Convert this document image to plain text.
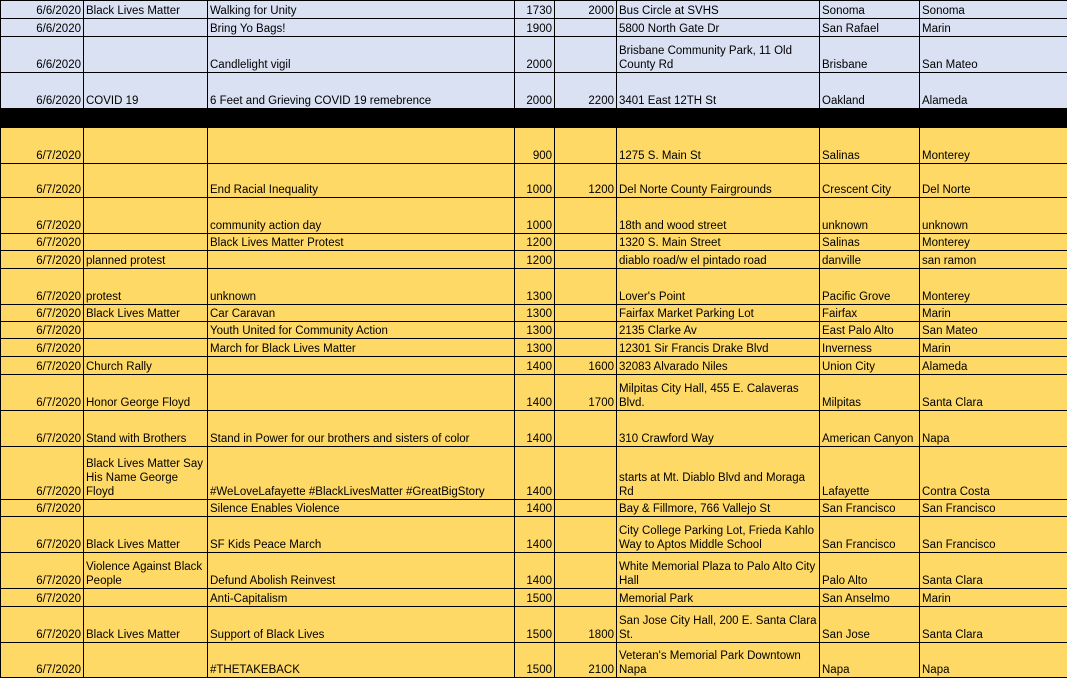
6/6/2020	Black Lives Matter	Walking for Unity	1730	2000	Bus Circle at SVHS	Sonoma	Sonoma
6/6/2020		Bring Yo Bags!	1900		5800 North Gate Dr	San Rafael	Marin
6/6/2020		Candlelight vigil	2000		Brisbane Community Park, 11 Old County Rd	Brisbane	San Mateo
6/6/2020	COVID 19	6 Feet and Grieving COVID 19 remebrence	2000	2200	3401 East 12TH St	Oakland	Alameda

6/7/2020			900		1275 S. Main St	Salinas	Monterey
6/7/2020		End Racial Inequality	1000	1200	Del Norte County Fairgrounds	Crescent City	Del Norte
6/7/2020		community action day	1000		18th and wood street	unknown	unknown
6/7/2020		Black Lives Matter Protest	1200		1320 S. Main Street	Salinas	Monterey
6/7/2020	planned protest		1200		diablo road/w el pintado road	danville	san ramon
6/7/2020	protest	unknown	1300		Lover's Point	Pacific Grove	Monterey
6/7/2020	Black Lives Matter	Car Caravan	1300		Fairfax Market Parking Lot	Fairfax	Marin
6/7/2020		Youth United for Community Action	1300		2135 Clarke Av	East Palo Alto	San Mateo
6/7/2020		March for Black Lives Matter	1300		12301 Sir Francis Drake Blvd	Inverness	Marin
6/7/2020	Church Rally		1400	1600	32083 Alvarado Niles	Union City	Alameda
6/7/2020	Honor George Floyd		1400	1700	Milpitas City Hall, 455 E. Calaveras Blvd.	Milpitas	Santa Clara
6/7/2020	Stand with Brothers	Stand in Power for our brothers and sisters of color	1400		310 Crawford Way	American Canyon	Napa
6/7/2020	Black Lives Matter Say His Name George Floyd	#WeLoveLafayette #BlackLivesMatter #GreatBigStory	1400		starts at Mt. Diablo Blvd and Moraga Rd	Lafayette	Contra Costa
6/7/2020		Silence Enables Violence	1400		Bay & Fillmore, 766 Vallejo St	San Francisco	San Francisco
6/7/2020	Black Lives Matter	SF Kids Peace March	1400		City College Parking Lot, Frieda Kahlo Way to Aptos Middle School	San Francisco	San Francisco
6/7/2020	Violence Against Black People	Defund Abolish Reinvest	1400		White Memorial Plaza to Palo Alto City Hall	Palo Alto	Santa Clara
6/7/2020		Anti-Capitalism	1500		Memorial Park	San Anselmo	Marin
6/7/2020	Black Lives Matter	Support of Black Lives	1500	1800	San Jose City Hall, 200 E. Santa Clara St.	San Jose	Santa Clara
6/7/2020		#THETAKEBACK	1500	2100	Veteran's Memorial Park Downtown Napa	Napa	Napa
